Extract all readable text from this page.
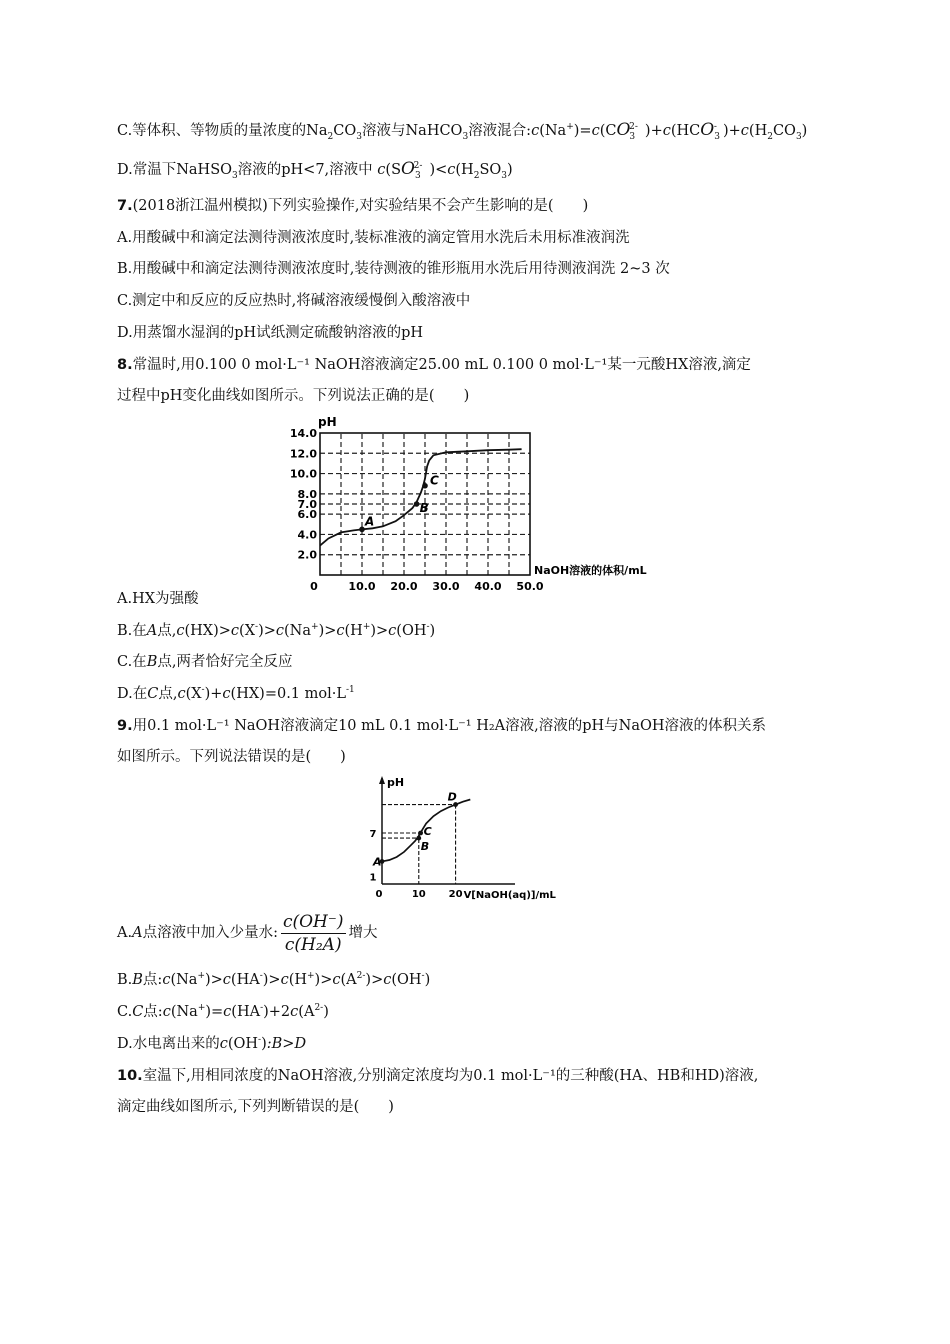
C.等体积、等物质的量浓度的$Na_2CO_3$溶液与NaHCO$_3$溶液混合$:c(Na^+)=c(CO_3^{2-}$ )$+c(HCO_3^-$ )$+c(H_2CO_3)$
D.常温下NaHSO$_3$溶液的pH<7,溶液中 $c(SO_3^{2-}$ )$<c(H_2SO_3)$
7.(2018浙江温州模拟)下列实验操作,对实验结果不会产生影响的是(　　)
A.用酸碱中和滴定法测待测液浓度时,装标准液的滴定管用水洗后未用标准液润洗
B.用酸碱中和滴定法测待测液浓度时,装待测液的锥形瓶用水洗后用待测液润洗 2~3 次
C.测定中和反应的反应热时,将碱溶液缓慢倒入酸溶液中
D.用蒸馏水湿润的pH试纸测定硫酸钠溶液的pH
8.常温时,用0.100 0 mol·L⁻¹ NaOH溶液滴定25.00 mL 0.100 0 mol·L⁻¹某一元酸HX溶液,滴定
过程中pH变化曲线如图所示。下列说法正确的是(　　)
2.0
4.0
6.0
7.0
8.0
10.0
12.0
14.0
0	10.0 20.0 30.0 40.0 50.0
pH
NaOH溶液的体积/mL
A
B
C
A.HX为强酸
B.在A点,c(HX)>c(X-)>c(Na+)>c(H+)>c(OH-)
C.在B点,两者恰好完全反应
D.在C点,c(X-)+c(HX)=0.1 $mol\cdot L^{-1}$
9.用0.1 mol·L⁻¹ NaOH溶液滴定10 mL 0.1 mol·L⁻¹ H₂A溶液,溶液的pH与NaOH溶液的体积关系
如图所示。下列说法错误的是(　　)
A
B
C
D
1
7
0	10 20
pH
V[NaOH(aq)]/mL
A.A点溶液中加入少量水: $\frac{c(OH^-)}{\text{c(H₂A)}}$ 增大
B.B点$:c(Na^+)>c(HA^-)>c(H^+)>c(A^{2-})>c(OH^-)$
C.C点$:c(Na^+)=c(HA^-)+2c(A^{2-})$
D.水电离出来的c(OH-):B>D
10.室温下,用相同浓度的NaOH溶液,分别滴定浓度均为0.1 mol·L⁻¹的三种酸(HA、HB和HD)溶液,
滴定曲线如图所示,下列判断错误的是(　　)
